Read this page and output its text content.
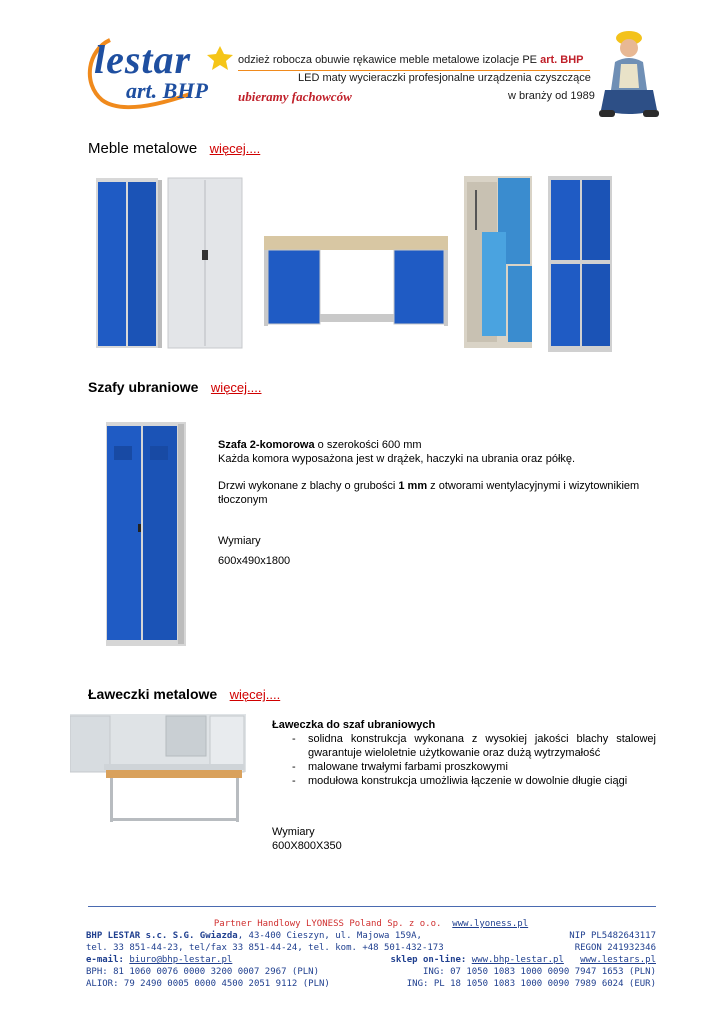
lestar
art. BHP ubieramy fachowców
odzież robocza obuwie rękawice meble metalowe izolacje PE art. BHP
LED maty wycieraczki profesjonalne urządzenia czyszczące
w branży od 1989
Meble metalowe więcej....
Szafy ubraniowe więcej....
Szafa 2-komorowa o szerokości 600 mm
Każda komora wyposażona jest w drążek, haczyki na ubrania oraz półkę.
Drzwi wykonane z blachy o grubości 1 mm z otworami wentylacyjnymi i wizytownikiem tłoczonym
Wymiary
600x490x1800
Ławeczki metalowe więcej....
Ławeczka do szaf ubraniowych
- solidna konstrukcja wykonana z wysokiej jakości blachy stalowej gwarantuje wieloletnie użytkowanie oraz dużą wytrzymałość
- malowane trwałymi farbami proszkowymi
- modułowa konstrukcja umożliwia łączenie w dowolnie długie ciągi
Wymiary
600X800X350
Partner Handlowy LYONESS Poland Sp. z o.o. www.lyoness.pl
BHP LESTAR s.c. S.G. Gwiazda, 43-400 Cieszyn, ul. Majowa 159A,	NIP PL5482643117
tel. 33 851-44-23, tel/fax 33 851-44-24, tel. kom. +48 501-432-173	REGON 241932346
e-mail: biuro@bhp-lestar.pl	sklep on-line: www.bhp-lestar.pl www.lestars.pl
BPH: 81 1060 0076 0000 3200 0007 2967 (PLN)	ING: 07 1050 1083 1000 0090 7947 1653 (PLN)
ALIOR: 79 2490 0005 0000 4500 2051 9112 (PLN)	ING: PL 18 1050 1083 1000 0090 7989 6024 (EUR)
